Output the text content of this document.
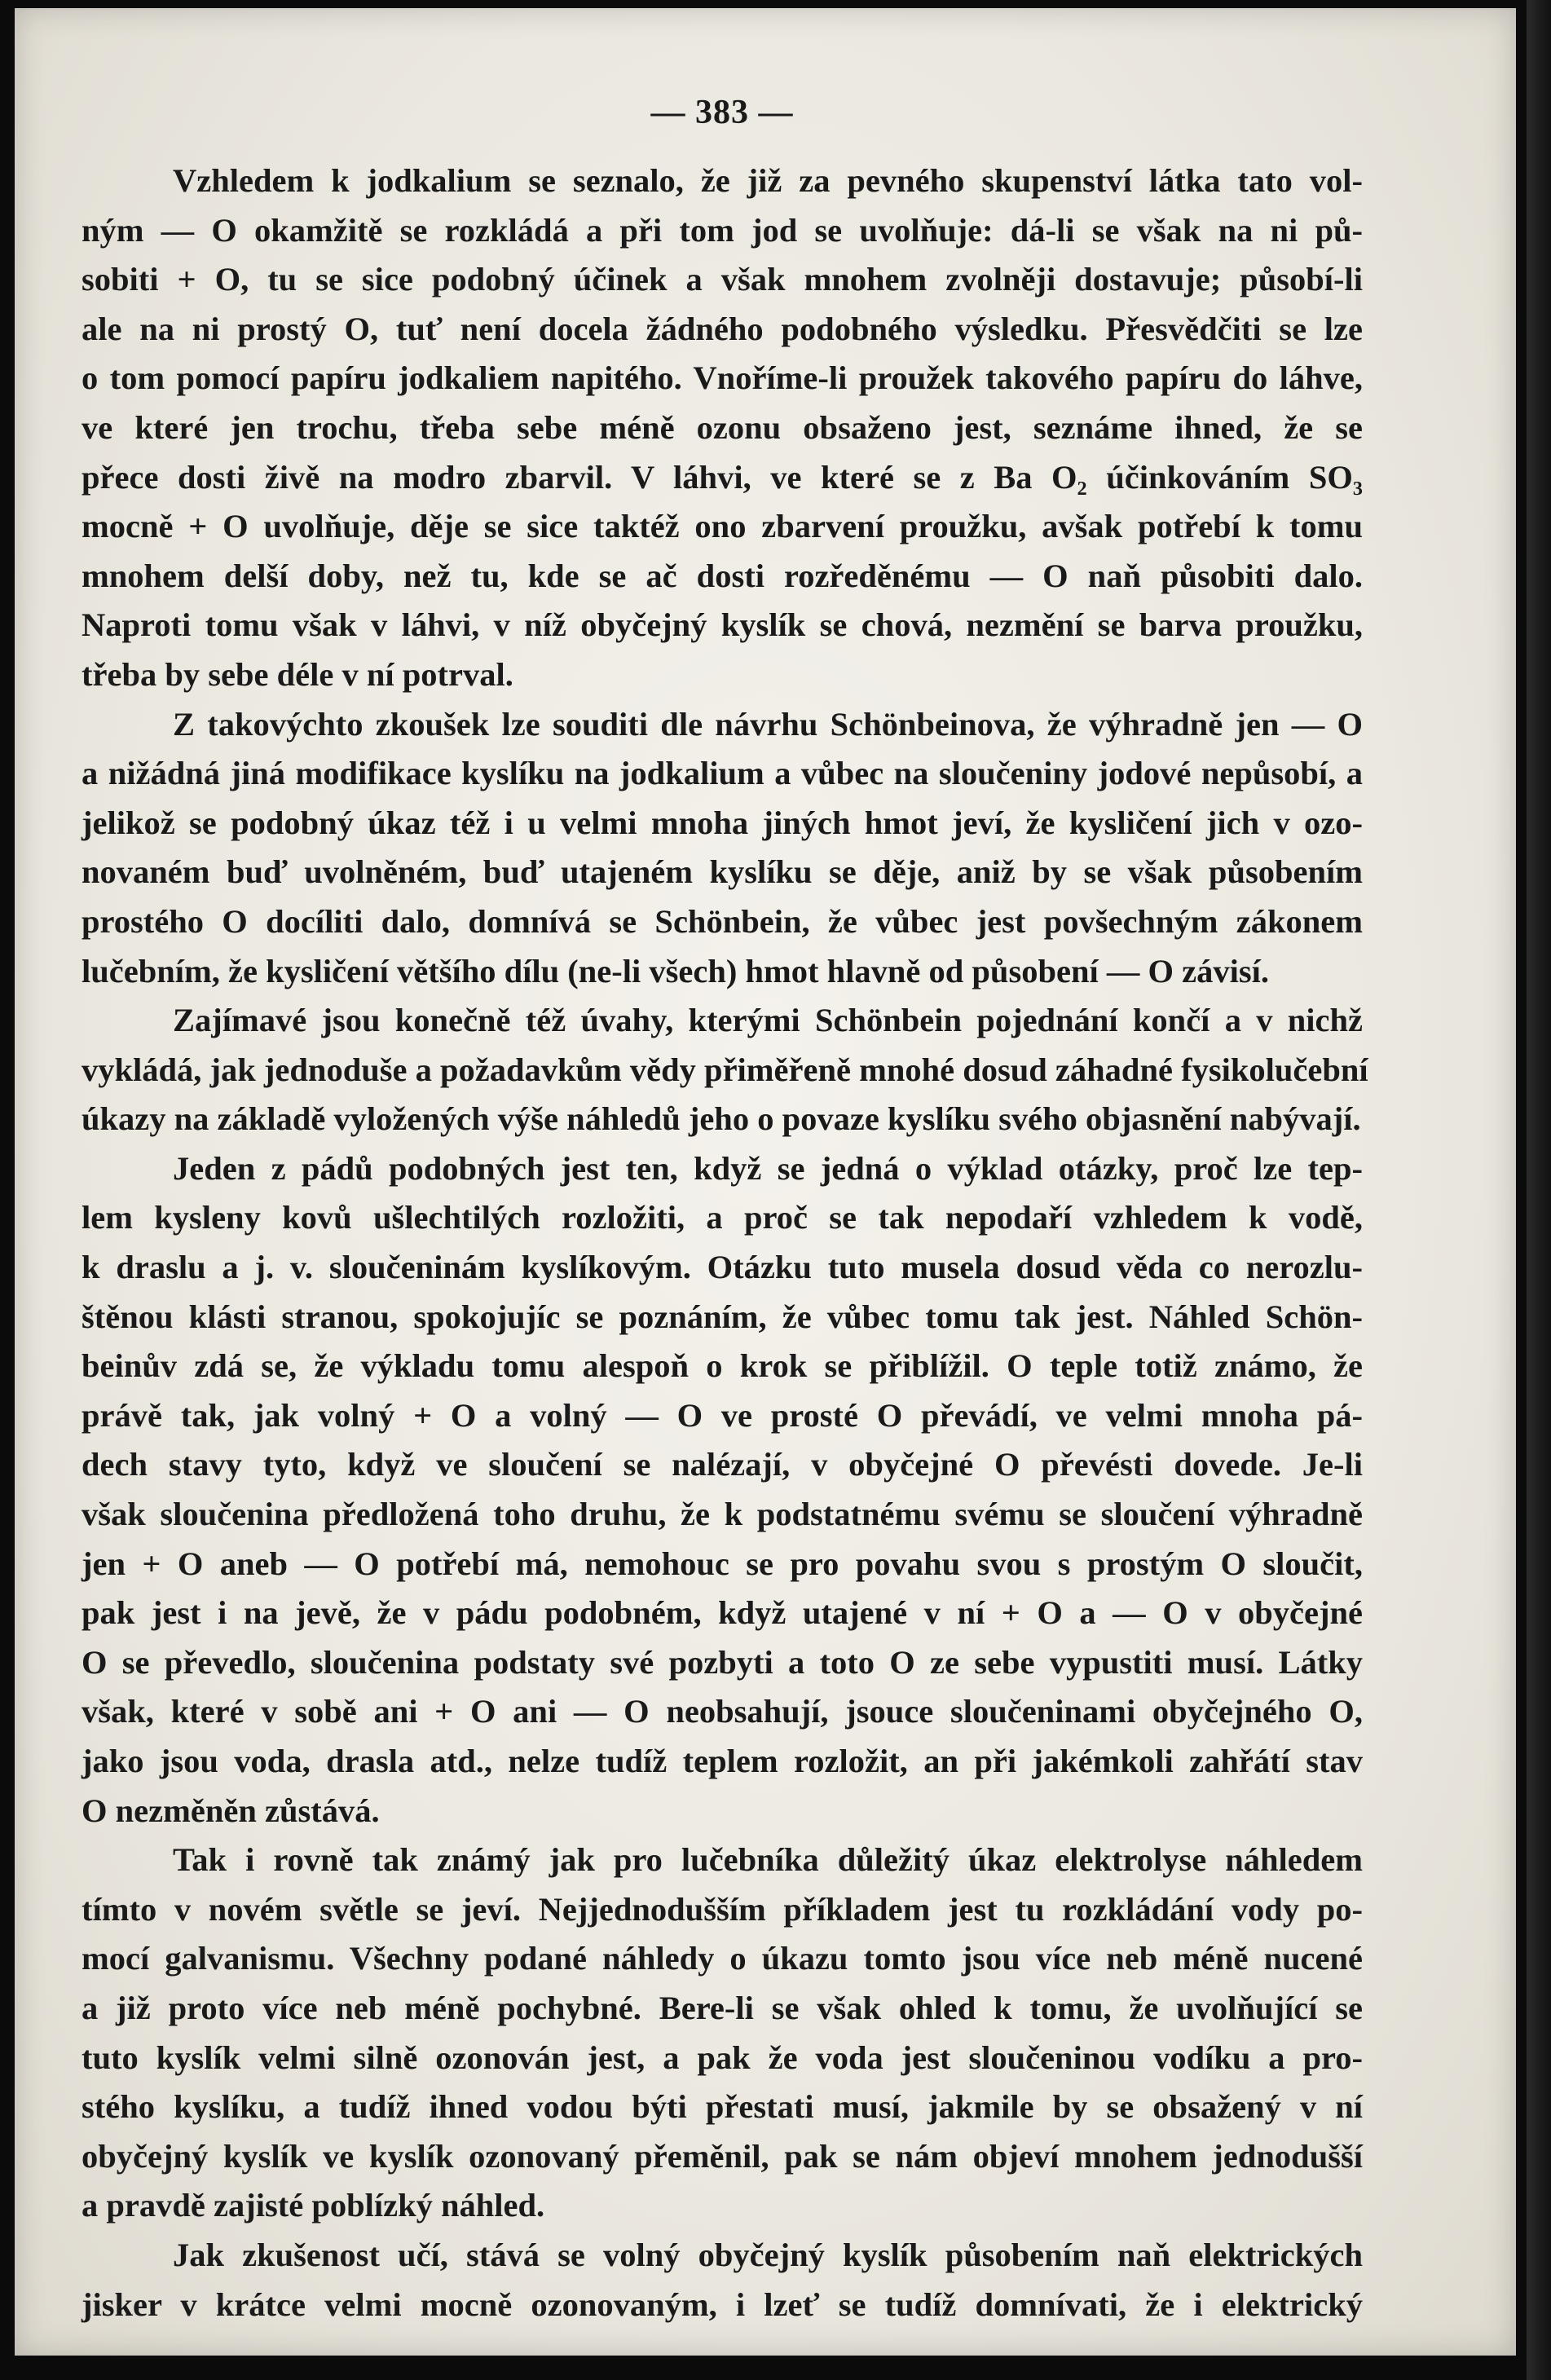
— 383 —
Vzhledem k jodkalium se seznalo, že již za pevného skupenství látka tato vol-
ným — O okamžitě se rozkládá a při tom jod se uvolňuje: dá-li se však na ni pů-
sobiti + O, tu se sice podobný účinek a však mnohem zvolněji dostavuje; působí-li
ale na ni prostý O, tuť není docela žádného podobného výsledku. Přesvědčiti se lze
o tom pomocí papíru jodkaliem napitého. Vnoříme-li proužek takového papíru do láhve,
ve které jen trochu, třeba sebe méně ozonu obsaženo jest, seznáme ihned, že se
přece dosti živě na modro zbarvil. V láhvi, ve které se z Ba O₂ účinkováním SO₃
mocně + O uvolňuje, děje se sice taktéž ono zbarvení proužku, avšak potřebí k tomu
mnohem delší doby, než tu, kde se ač dosti rozředěnému — O naň působiti dalo.
Naproti tomu však v láhvi, v níž obyčejný kyslík se chová, nezmění se barva proužku,
třeba by sebe déle v ní potrval.
Z takovýchto zkoušek lze souditi dle návrhu Schönbeinova, že výhradně jen — O
a nižádná jiná modifikace kyslíku na jodkalium a vůbec na sloučeniny jodové nepůsobí, a
jelikož se podobný úkaz též i u velmi mnoha jiných hmot jeví, že kysličení jich v ozo-
novaném buď uvolněném, buď utajeném kyslíku se děje, aniž by se však působením
prostého O docíliti dalo, domnívá se Schönbein, že vůbec jest povšechným zákonem
lučebním, že kysličení většího dílu (ne-li všech) hmot hlavně od působení — O závisí.
Zajímavé jsou konečně též úvahy, kterými Schönbein pojednání končí a v nichž
vykládá, jak jednoduše a požadavkům vědy přiměřeně mnohé dosud záhadné fysikolučební
úkazy na základě vyložených výše náhledů jeho o povaze kyslíku svého objasnění nabývají.
Jeden z pádů podobných jest ten, když se jedná o výklad otázky, proč lze tep-
lem kysleny kovů ušlechtilých rozložiti, a proč se tak nepodaří vzhledem k vodě,
k draslu a j. v. sloučeninám kyslíkovým. Otázku tuto musela dosud věda co nerozlu-
štěnou klásti stranou, spokojujíc se poznáním, že vůbec tomu tak jest. Náhled Schön-
beinův zdá se, že výkladu tomu alespoň o krok se přiblížil. O teple totiž známo, že
právě tak, jak volný + O a volný — O ve prosté O převádí, ve velmi mnoha pá-
dech stavy tyto, když ve sloučení se nalézají, v obyčejné O převésti dovede. Je-li
však sloučenina předložená toho druhu, že k podstatnému svému se sloučení výhradně
jen + O aneb — O potřebí má, nemohouc se pro povahu svou s prostým O sloučit,
pak jest i na jevě, že v pádu podobném, když utajené v ní + O a — O v obyčejné
O se převedlo, sloučenina podstaty své pozbyti a toto O ze sebe vypustiti musí. Látky
však, které v sobě ani + O ani — O neobsahují, jsouce sloučeninami obyčejného O,
jako jsou voda, drasla atd., nelze tudíž teplem rozložit, an při jakémkoli zahřátí stav
O nezměněn zůstává.
Tak i rovně tak známý jak pro lučebníka důležitý úkaz elektrolyse náhledem
tímto v novém světle se jeví. Nejjednodušším příkladem jest tu rozkládání vody po-
mocí galvanismu. Všechny podané náhledy o úkazu tomto jsou více neb méně nucené
a již proto více neb méně pochybné. Bere-li se však ohled k tomu, že uvolňující se
tuto kyslík velmi silně ozonován jest, a pak že voda jest sloučeninou vodíku a pro-
stého kyslíku, a tudíž ihned vodou býti přestati musí, jakmile by se obsažený v ní
obyčejný kyslík ve kyslík ozonovaný přeměnil, pak se nám objeví mnohem jednodušší
a pravdě zajisté poblízký náhled.
Jak zkušenost učí, stává se volný obyčejný kyslík působením naň elektrických
jisker v krátce velmi mocně ozonovaným, i lzeť se tudíž domnívati, že i elektrický
